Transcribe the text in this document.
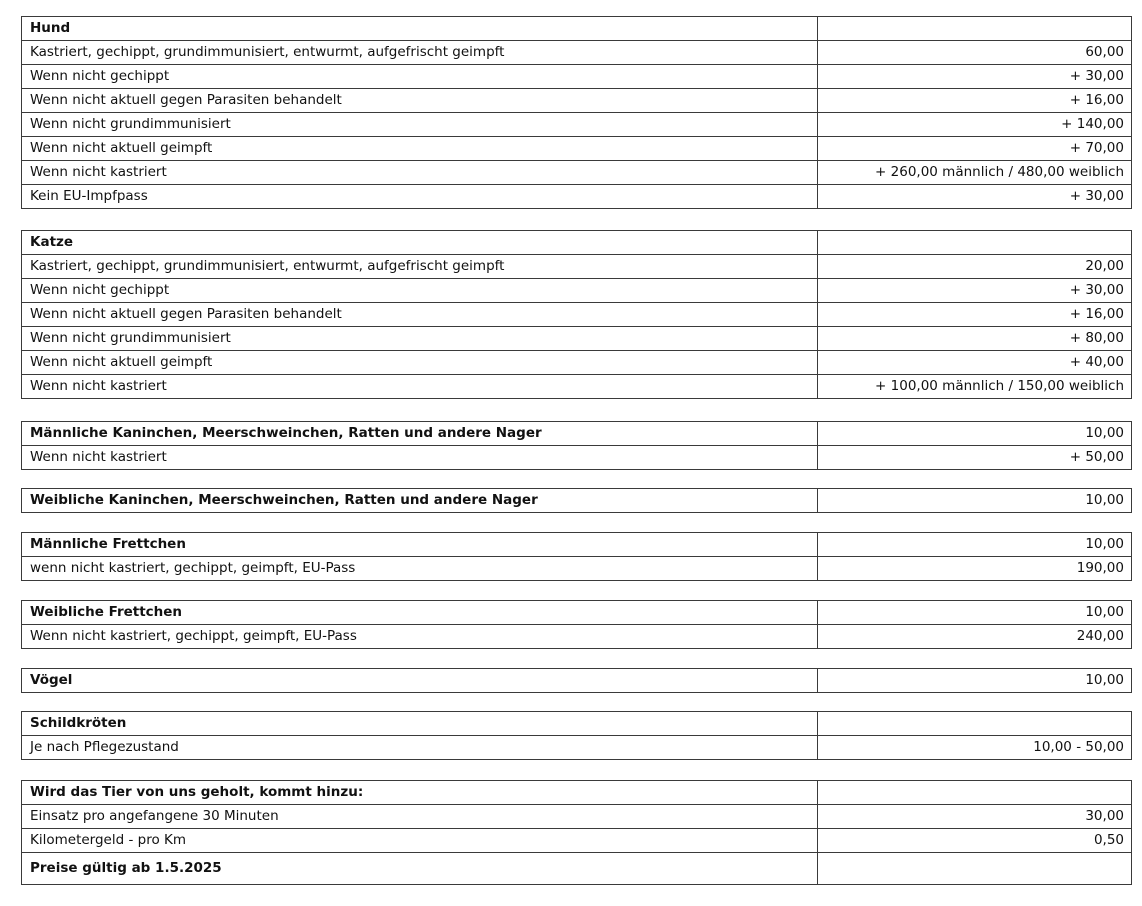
Hund	
Kastriert, gechippt, grundimmunisiert, entwurmt, aufgefrischt geimpft	60,00
Wenn nicht gechippt	+ 30,00
Wenn nicht aktuell gegen Parasiten behandelt	+ 16,00
Wenn nicht grundimmunisiert	+ 140,00
Wenn nicht aktuell geimpft	+ 70,00
Wenn nicht kastriert	+ 260,00 männlich / 480,00 weiblich
Kein EU-Impfpass	+ 30,00
Katze	
Kastriert, gechippt, grundimmunisiert, entwurmt, aufgefrischt geimpft	20,00
Wenn nicht gechippt	+ 30,00
Wenn nicht aktuell gegen Parasiten behandelt	+ 16,00
Wenn nicht grundimmunisiert	+ 80,00
Wenn nicht aktuell geimpft	+ 40,00
Wenn nicht kastriert	+ 100,00 männlich / 150,00 weiblich
Männliche Kaninchen, Meerschweinchen, Ratten und andere Nager	10,00
Wenn nicht kastriert	+ 50,00
Weibliche Kaninchen, Meerschweinchen, Ratten und andere Nager	10,00
Männliche Frettchen	10,00
wenn nicht kastriert, gechippt, geimpft, EU-Pass	190,00
Weibliche Frettchen	10,00
Wenn nicht kastriert, gechippt, geimpft, EU-Pass	240,00
Vögel	10,00
Schildkröten	
Je nach Pflegezustand	10,00 - 50,00
Wird das Tier von uns geholt, kommt hinzu:	
Einsatz pro angefangene 30 Minuten	30,00
Kilometergeld - pro Km	0,50
Preise gültig ab 1.5.2025	
